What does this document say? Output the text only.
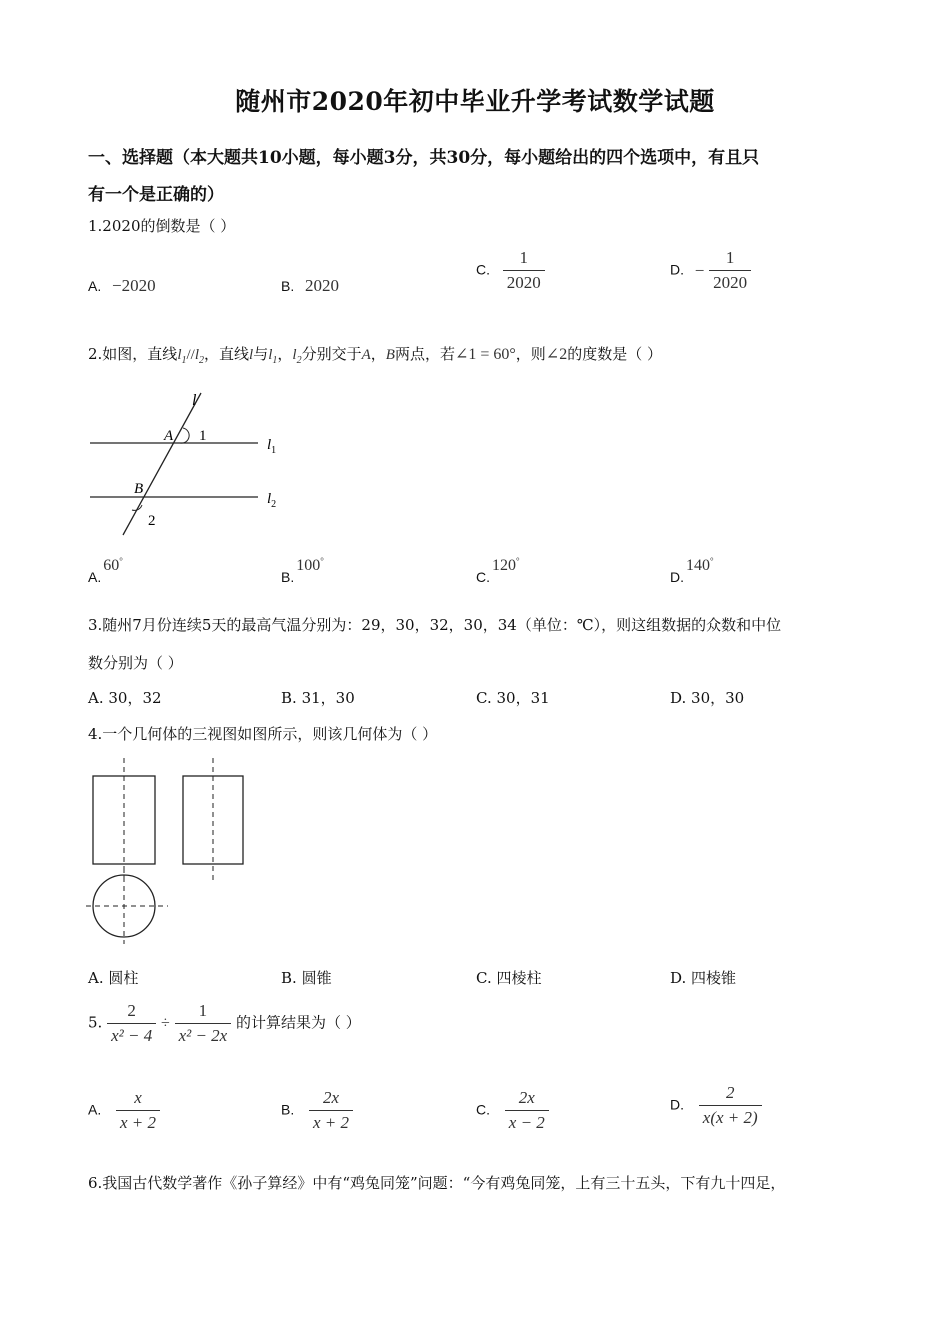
随州市2020年初中毕业升学考试数学试题
一、选择题（本大题共10小题，每小题3分，共30分，每小题给出的四个选项中，有且只
有一个是正确的）
1.2020的倒数是（ ）
A. −2020	B. 2020
C. $\frac{1}{2020}$	D. − $\frac{1}{2020}$
2.如图，直线$l_1//l_2$，直线l与$l_1$，$l_2$分别交于A，B两点，若∠1 = 60°，则∠2的度数是（ ）
l
A 1
$l_1$
B
2
$l_2$
A.60°
B.100°
C.120°
D.140°
3.随州7月份连续5天的最高气温分别为：29，30，32，30，34（单位：℃），则这组数据的众数和中位
数分别为（ ）
A. 30，32	B. 31，30	C. 30，31	D. 30，30
4.一个几何体的三视图如图所示，则该几何体为（ ）
A. 圆柱	B. 圆锥	C. 四棱柱	D. 四棱锥
5. $\frac{2}{\text{x² − 4}} \div \frac{1}{\text{x² − 2x}}$ 的计算结果为（ ）
A. $\frac{x}{x + 2}$	B. $\frac{2x}{x + 2}$	C. $\frac{2x}{x - 2}$	D. $\frac{2}{x(x + 2)}$
6.我国古代数学著作《孙子算经》中有“鸡兔同笼”问题：“今有鸡兔同笼，上有三十五头，下有九十四足，
